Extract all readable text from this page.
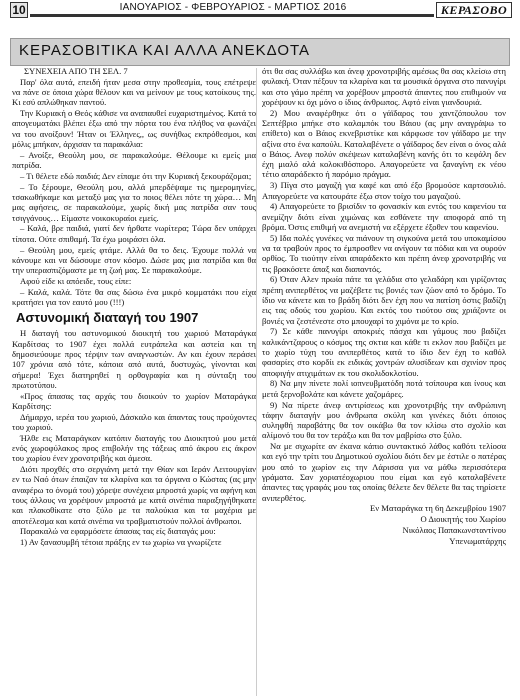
10	ΙΑΝΟΥΑΡΙΟΣ - ΦΕΒΡΟΥΑΡΙΟΣ - ΜΑΡΤΙΟΣ 2016	ΚΕΡΑΣΟΒΟ
ΚΕΡΑΣΟΒΙΤΙΚΑ ΚΑΙ ΑΛΛΑ ΑΝΕΚΔΟΤΑ

ΣΥΝΕΧΕΙΑ ΑΠΟ ΤΗ ΣΕΛ. 7

Παρ' όλα αυτά, επειδή ήταν μεσα στην προθεσμία, τους επέτρεψε να πάνε σε όποια χώρα θέλουν και να μείνουν με τους κατοίκους της. Κι εσύ απλώθηκαν παντού.

Την Κυριακή ο Θεός κάθισε να αναπαυθεί ευχαριστημένος. Κατά το απογευματάκι βλέπει έξω από την πόρτα του ένα πλήθος να φωνάζει να του ανοίξουν! Ήταν οι Έλληνες,, ως συνήθως εκπρόθεσμοι, και μόλις μπήκαν, άρχισαν τα παρακάλια:

– Ανοίξε, Θεούλη μου, σε παρακαλούμε. Θέλουμε κι εμείς μια πατρίδα.

– Τι θέλετε εδώ παιδιά; Δεν είπαμε ότι την Κυριακή ξεκουράζομαι;

– Το ξέρουμε, Θεούλη μου, αλλά μπερδέψαμε τις ημερομηνίες, τσακωθήκαμε και μεταξύ μας για το ποιος θέλει πότε τη χώρα… Μη μας αφήσεις, σε παρακαλούμε, χωρίς δική μας πατρίδα σαν τους τσιγγάνους… Είμαστε νοικοκυραίοι εμείς.

– Καλά, βρε παιδιά, γιατί δεν ήρθατε νωρίτερα; Τώρα δεν υπάρχει τίποτα. Ούτε σπιθαμή. Τα έχω μοιράσει όλα.

– Θεούλη μου, εμείς φτάμε. Αλλά θα το δεις. Έχουμε πολλά να κάνουμε και να δώσουμε στον κόσμο. Δώσε μας μια πατρίδα και θα την υπερασπιζόμαστε με τη ζωή μας. Σε παρακαλούμε.

Αφού είδε κι απόειδε, τους είπε:

– Καλά, καλά. Τότε θα σας δώσω ένα μικρό κομματάκι που είχα κρατήσει για τον εαυτό μου (!!!)

Αστυνομική διαταγή του 1907

Η διαταγή του αστυνομικού διοικητή του χωριού Ματαράγκα Καρδίτσας το 1907 έχει πολλά ευτράπελα και αστεία και τη δημοσιεύουμε προς τέρψιν των αναγνωστών. Αν και έχουν περάσει 107 χρόνια από τότε, κάποια από αυτά, δυστυχώς, γίνονται και σήμερα! Έχει διατηρηθεί η ορθογραφία και η σύνταξη του πρωτοτύπου.

«Προς άπασας τας αρχάς του διοικούν το χωρίον Ματαράγκα Καρδίτσης:

Δήμαρχο, ιερέα του χωριού, Δάσκαλο και άπαντας τους προύχοντες του χωριού.

Ήλθε εις Ματαράγκαν κατόπιν διαταγής του Διοικητού μου μετά ενός χωροφύλακος προς επιβολήν της τάξεως από άκρου εις άκρον του χωρίου ένεν χρονοτριβής και άμεσα.

Διότι προχθές στο σεργιάνη μετά την Θίαν και Ιεράν Λειτουργίαν εν τω Ναό ότων έπαιζαν τα κλαρίνα και τα όργανα ο Κώστας (ας μην αναφέρω το όνομά του) χόρεψε συνέχεια μπροστά χωρίς να αφήνη και τους άλλους να χορέψουν μπροστά με κατά σινέπια παραξηγήθηκατε και πλακοθίκατε στο ξύλο με τα παλούκια και τα μαχέρια με αποτέλεσμα και κατά σινέπια να τραβματιστούν πολλοί άνθρωποι.

Παρακαλώ να εφαρμόσετε άπασας τας είς διαταγάς μου:

1) Αν ξανασυμβή τέτοια πράξης εν τω χωρίω να γνωρίζετε

ότι θα σας συλλάβω και άνεφ χρονοτριβής αμέσως θα σας κλείσω στη φυλακή. Όταν πέξουν τα κλαρίνα και τα μουσικά όργανα στο πανυγίρι και στο γάμο πρέπη να χορέβουν μπροστά άπαντες που επιθιμούν να χορέψουν κι όχι μόνο ο ίδιος άνθρωπος. Αφτό είναι γιανδουριά.

2) Μου αναφέρθηκε ότι ο γάϊδαρος του χαντζόπουλου τον Σεπτέβριο μπήκε στο καλαμπόκ του Βάιου (ας μην αναγράψω το επίθετο) και ο Βάιος εκνεβριστίκε και κάρφωσε τον γάϊδαρο με την αξίνα στο ένα καπούλι. Καταλαβένετε ο γάϊδαρος δεν είναι ο όνος αλά ο Βάιος. Ανεφ πολύν σκέψεων καταλαβένη κανής ότι το κεφάλη δεν έχη μιαλό αλά κολοκιθόσπορο. Απαγορεύετε να ξαναγίνη εκ νέου τέτιο απαράδεκτο ή παρόμιο πράγμα.

3) Πίγα στο μαγαζή για καφέ και από έξο βρομούσε καρτσουλιό. Απαγορεύετε να κατουράτε έξω στον τοίχο του μαγαζιού.

4) Απαγορεύετε το βρισίδιν το φονασκίν και εντός του καφενίου τα ανεμίζην διότι είναι χιμώνας και εσθάνετε την αποφορά από τη βρόμα. Όστις επιθιμή να ανεμιστή να εξέρχετε έξοθεν του καφενίου.

5) Ιδα πολές γυνέκες να πιάνουν τη σιγκούνα μετά του υποκαμίσου να τα τραβούν προς το έμπροσθεν να ανίγουν τα πόδια και να ουρούν ορθίος. Το τιούτην είναι απαράδεκτο και πρέπη άνεφ χρονοτριβής να τις βρακόσετε άπαξ και διαπαντός.

6) Όταν Αλεν πρωία πάτε τα γελάδια στο γελαδάρη και γιρίζοντας πρέπη ανιπερθέτος να μαζέβετε τις βονιές των ζώον από το δρόμο. Το ίδιο να κάνετε και το βράδη διότι δεν έχη που να πατίση όστις βαδίζη εις τας οδούς του χωρίου. Και εκτός του τιούτου σας χριάζοντε οι βονιές να ζεστένεστε στο μπουχαρί το χιμόνα με το κρίο.

7) Σε κάθε πανυγίρι αποκριές πάσχα και γάμους που βαδίζει καλικάντζαρους ο κόσμος της σκτια και κάθε τι εκλον που βαδίζει με το χωρίο τύχη του ανιπερθέτος κατά το ίδιο δεν έχη το καθόλ φασαρίες στο κορδίι εκ ειδικάς χοντρών αλυσίδεων και σχινίον προς αποφιγήν ατιχιμάτων εκ του σκολιδοκλοτίου.

8) Να μην πίνετε πολί ιοπνευβματόδη ποτά τσίπουρα και ίνους και μετά ξερνοβολάτε και κάνετε χαζομάρες.

9) Να πίρετε άνεφ αντιρίσεως και χρονοτριβής την ανθρώπινη τάφην διαταγήν μου άνθρωπα σκύλη και γινέκες διότι όποιος συληφθή παραβάτης θα τον οικάβω θα τον κλίσω στο σχολίο και αλίμονό του θα τον τεράξω και θα τον μαβρίσω στο ξύλο.

Να με σιχωρίτε αν έκανα κάπιο συντακτικό λάθος καθότι τελίοσα και εγό την τρίτι του Δημοτικού σχολίου διότι δεν με έστιλε ο πατέρας μου από το χωρίον εις την Λάρισσα για να μάθω περισσότερα γράματα. Σαν χοριατέοχωριου που είμαι και εγό καταλαβένετε άπαντες τας γραφάς μου τας οποίας θέλετε δεν θέλετε θα τας τηρίσετε ανιπερθέτος.

Εν Ματαράγκα τη 6η Δεκεμβρίου 1907

Ο Διοικητής του Χωρίου

Νικόλαος Παπακωνσταντίνου

Υπενωματάρχης
